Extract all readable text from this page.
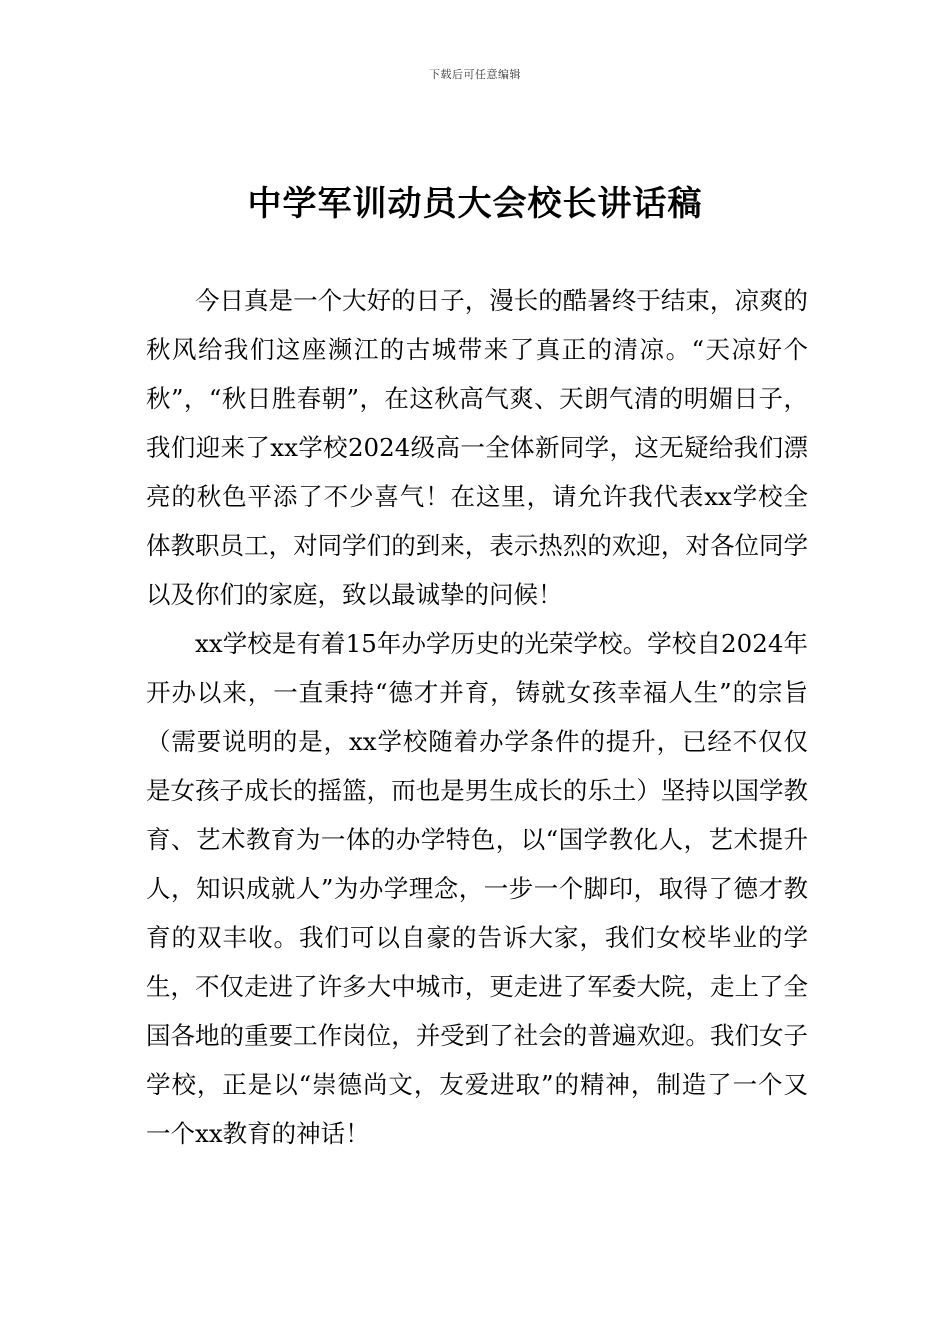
下载后可任意编辑
中学军训动员大会校长讲话稿

今日真是一个大好的日子，漫长的酷暑终于结束，凉爽的秋风给我们这座濒江的古城带来了真正的清凉。“天凉好个秋”，“秋日胜春朝”，在这秋高气爽、天朗气清的明媚日子，我们迎来了xx学校2024级高一全体新同学，这无疑给我们漂亮的秋色平添了不少喜气！在这里，请允许我代表xx学校全体教职员工，对同学们的到来，表示热烈的欢迎，对各位同学以及你们的家庭，致以最诚挚的问候！

xx学校是有着15年办学历史的光荣学校。学校自2024年开办以来，一直秉持“德才并育，铸就女孩幸福人生”的宗旨（需要说明的是，xx学校随着办学条件的提升，已经不仅仅是女孩子成长的摇篮，而也是男生成长的乐土）坚持以国学教育、艺术教育为一体的办学特色，以“国学教化人，艺术提升人，知识成就人”为办学理念，一步一个脚印，取得了德才教育的双丰收。我们可以自豪的告诉大家，我们女校毕业的学生，不仅走进了许多大中城市，更走进了军委大院，走上了全国各地的重要工作岗位，并受到了社会的普遍欢迎。我们女子学校，正是以“崇德尚文，友爱进取”的精神，制造了一个又一个xx教育的神话！
